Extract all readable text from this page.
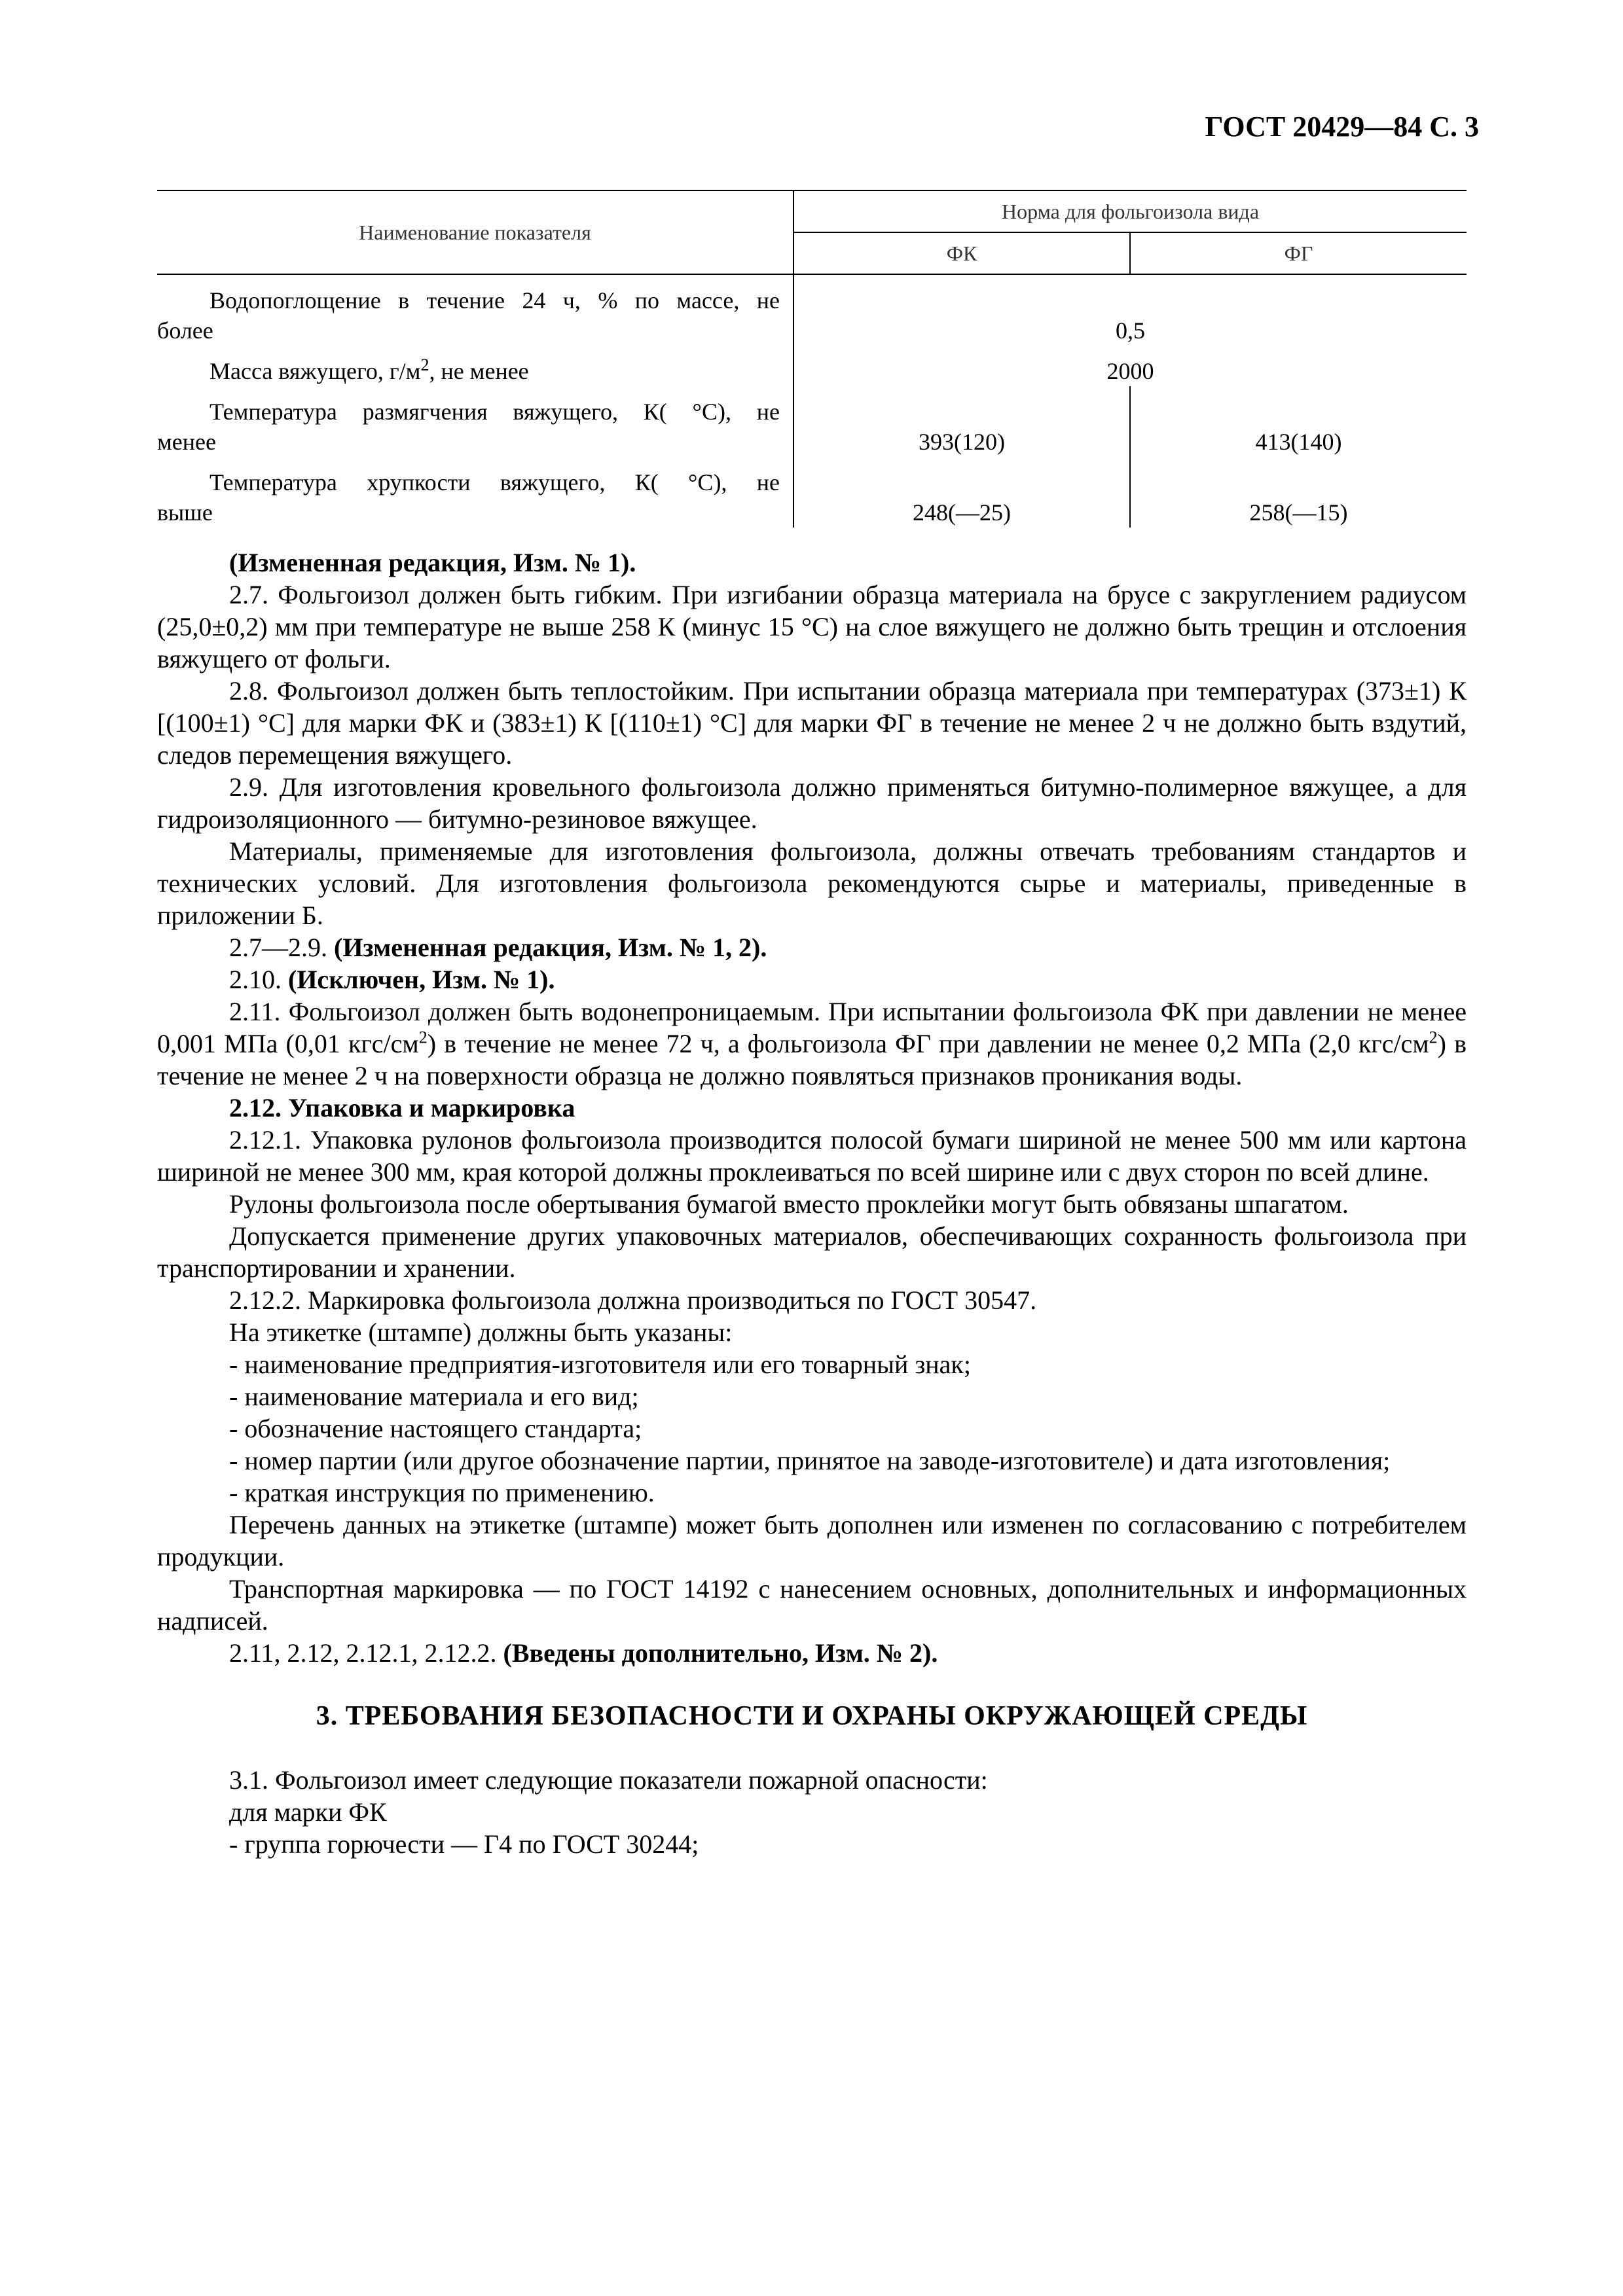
ГОСТ 20429—84 С. 3
Наименование показателя	Норма для фольгоизола вида	
	ФК	ФГ

Водопоглощение в течение 24 ч, % по массе, не
более	0,5	

Масса вяжущего, $г/м^2$, не менее	2000	

Температура размягчения вяжущего, К( °С), не
менее	393(120)	413(140)

Температура хрупкости вяжущего, К( °С), не
выше	248(—25)	258(—15)

(Измененная редакция, Изм. № 1).

2.7. Фольгоизол должен быть гибким. При изгибании образца материала на брусе с закруглением радиусом (25,0±0,2) мм при температуре не выше 258 К (минус 15 °С) на слое вяжущего не должно быть трещин и отслоения вяжущего от фольги.

2.8. Фольгоизол должен быть теплостойким. При испытании образца материала при температурах (373±1) К [(100±1) °С] для марки ФК и (383±1) К [(110±1) °С] для марки ФГ в течение не менее 2 ч не должно быть вздутий, следов перемещения вяжущего.

2.9. Для изготовления кровельного фольгоизола должно применяться битумно-полимерное вяжущее, а для гидроизоляционного — битумно-резиновое вяжущее.

Материалы, применяемые для изготовления фольгоизола, должны отвечать требованиям стандартов и технических условий. Для изготовления фольгоизола рекомендуются сырье и материалы, приведенные в приложении Б.

2.7—2.9. (Измененная редакция, Изм. № 1, 2).

2.10. (Исключен, Изм. № 1).

2.11. Фольгоизол должен быть водонепроницаемым. При испытании фольгоизола ФК при давлении не менее 0,001 МПа (0,01 кгс/$см^2$) в течение не менее 72 ч, а фольгоизола ФГ при давлении не менее 0,2 МПа (2,0 кгс/$см^2$) в течение не менее 2 ч на поверхности образца не должно появляться признаков проникания воды.

2.12. Упаковка и маркировка

2.12.1. Упаковка рулонов фольгоизола производится полосой бумаги шириной не менее 500 мм или картона шириной не менее 300 мм, края которой должны проклеиваться по всей ширине или с двух сторон по всей длине.

Рулоны фольгоизола после обертывания бумагой вместо проклейки могут быть обвязаны шпагатом.

Допускается применение других упаковочных материалов, обеспечивающих сохранность фольгоизола при транспортировании и хранении.

2.12.2. Маркировка фольгоизола должна производиться по ГОСТ 30547.

На этикетке (штампе) должны быть указаны:

- наименование предприятия-изготовителя или его товарный знак;

- наименование материала и его вид;

- обозначение настоящего стандарта;

- номер партии (или другое обозначение партии, принятое на заводе-изготовителе) и дата изготовления;

- краткая инструкция по применению.

Перечень данных на этикетке (штампе) может быть дополнен или изменен по согласованию с потребителем продукции.

Транспортная маркировка — по ГОСТ 14192 с нанесением основных, дополнительных и информационных надписей.

2.11, 2.12, 2.12.1, 2.12.2. (Введены дополнительно, Изм. № 2).

3. ТРЕБОВАНИЯ БЕЗОПАСНОСТИ И ОХРАНЫ ОКРУЖАЮЩЕЙ СРЕДЫ

3.1. Фольгоизол имеет следующие показатели пожарной опасности:

для марки ФК

- группа горючести — Г4 по ГОСТ 30244;
